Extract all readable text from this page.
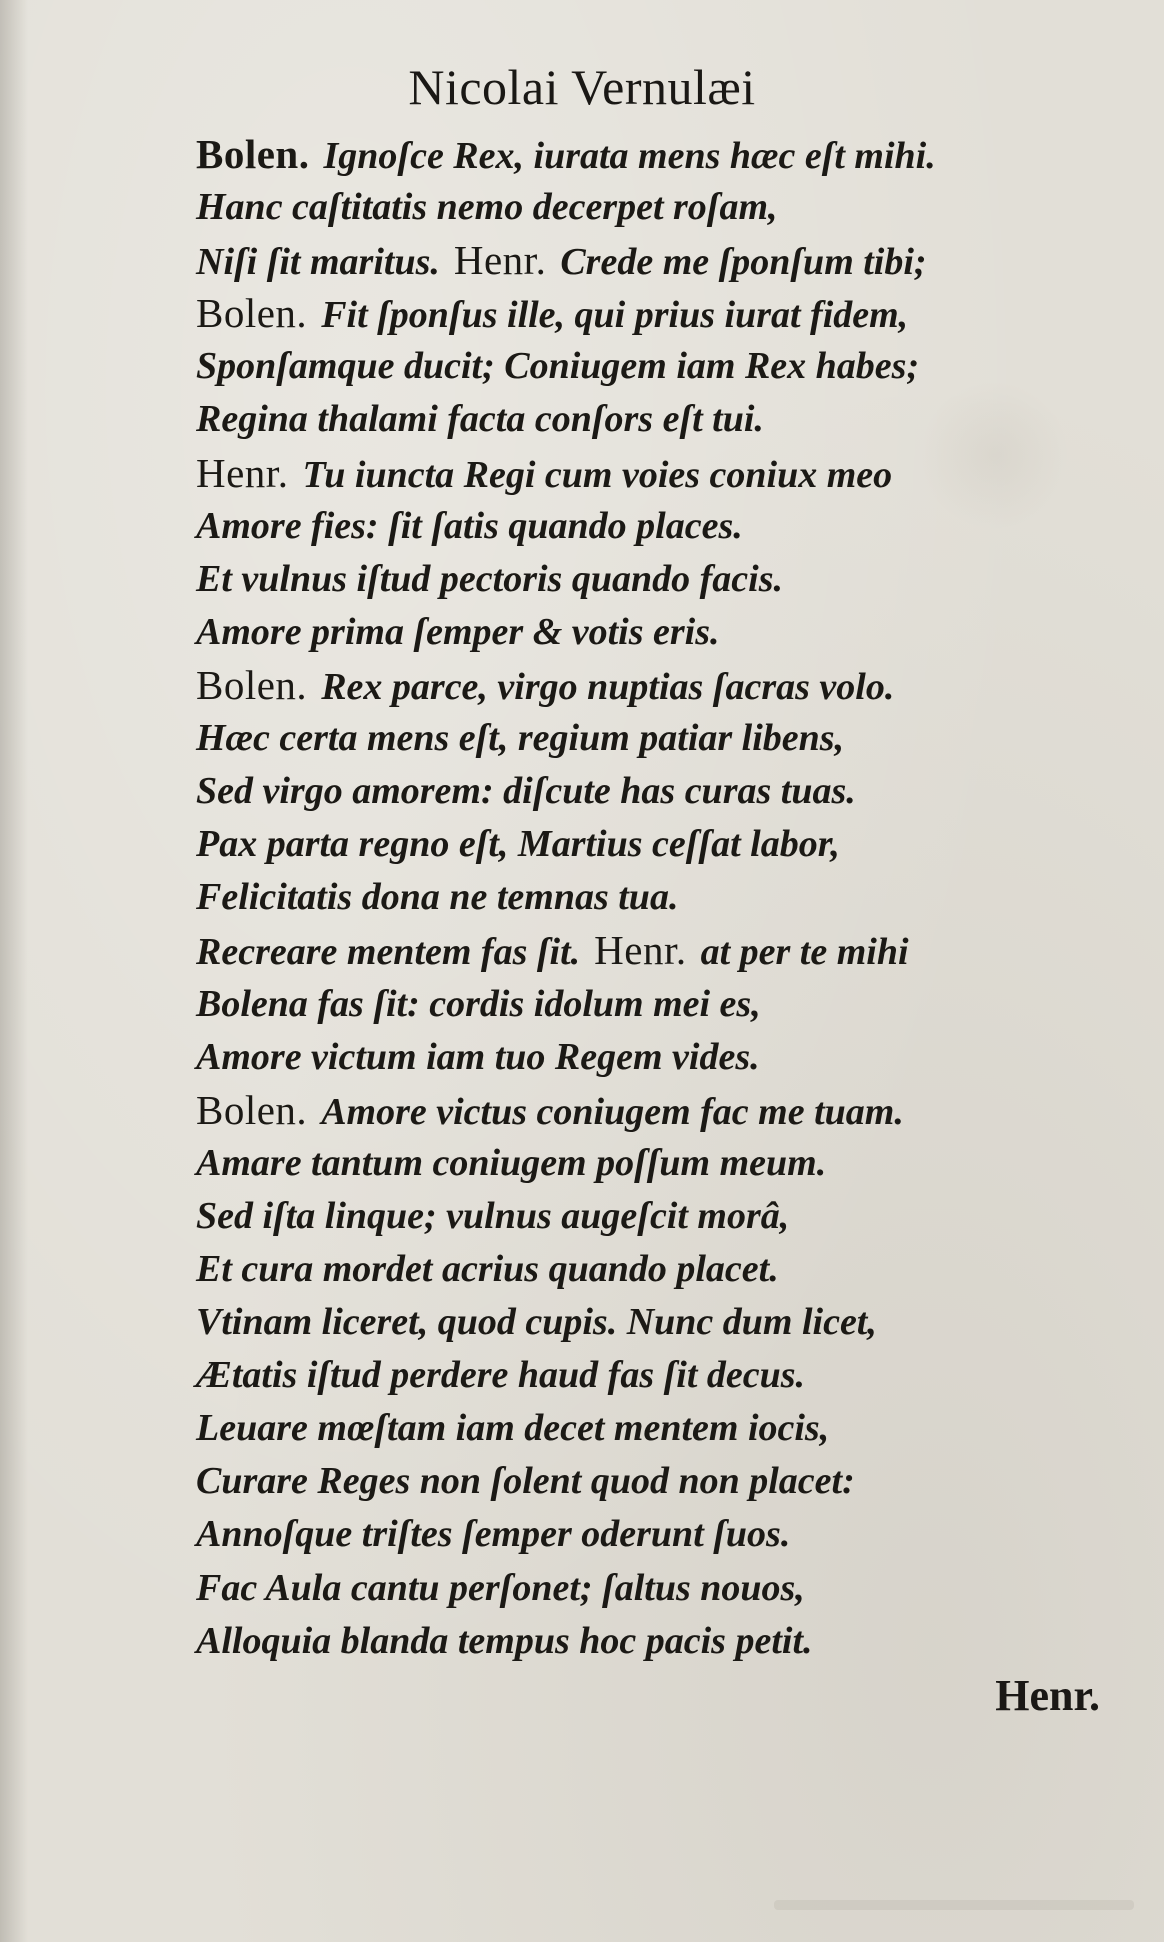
Nicolai Vernulæi
Bolen. Ignoſce Rex, iurata mens hæc eſt mihi.
Hanc caſtitatis nemo decerpet roſam,
Niſi ſit maritus. Henr. Crede me ſponſum tibi;
Bolen. Fit ſponſus ille, qui prius iurat fidem,
Sponſamque ducit; Coniugem iam Rex habes;
Regina thalami facta conſors eſt tui.
Henr. Tu iuncta Regi cum voies coniux meo
Amore fies: ſit ſatis quando places.
Et vulnus iſtud pectoris quando facis.
Amore prima ſemper & votis eris.
Bolen. Rex parce, virgo nuptias ſacras volo.
Hæc certa mens eſt, regium patiar libens,
Sed virgo amorem: diſcute has curas tuas.
Pax parta regno eſt, Martius ceſſat labor,
Felicitatis dona ne temnas tua.
Recreare mentem fas ſit. Henr. at per te mihi
Bolena fas ſit: cordis idolum mei es,
Amore victum iam tuo Regem vides.
Bolen. Amore victus coniugem fac me tuam.
Amare tantum coniugem poſſum meum.
Sed iſta linque; vulnus augeſcit morâ,
Et cura mordet acrius quando placet.
Vtinam liceret, quod cupis. Nunc dum licet,
Ætatis iſtud perdere haud fas ſit decus.
Leuare mœſtam iam decet mentem iocis,
Curare Reges non ſolent quod non placet:
Annoſque triſtes ſemper oderunt ſuos.
Fac Aula cantu perſonet; ſaltus nouos,
Alloquia blanda tempus hoc pacis petit.
Henr.
